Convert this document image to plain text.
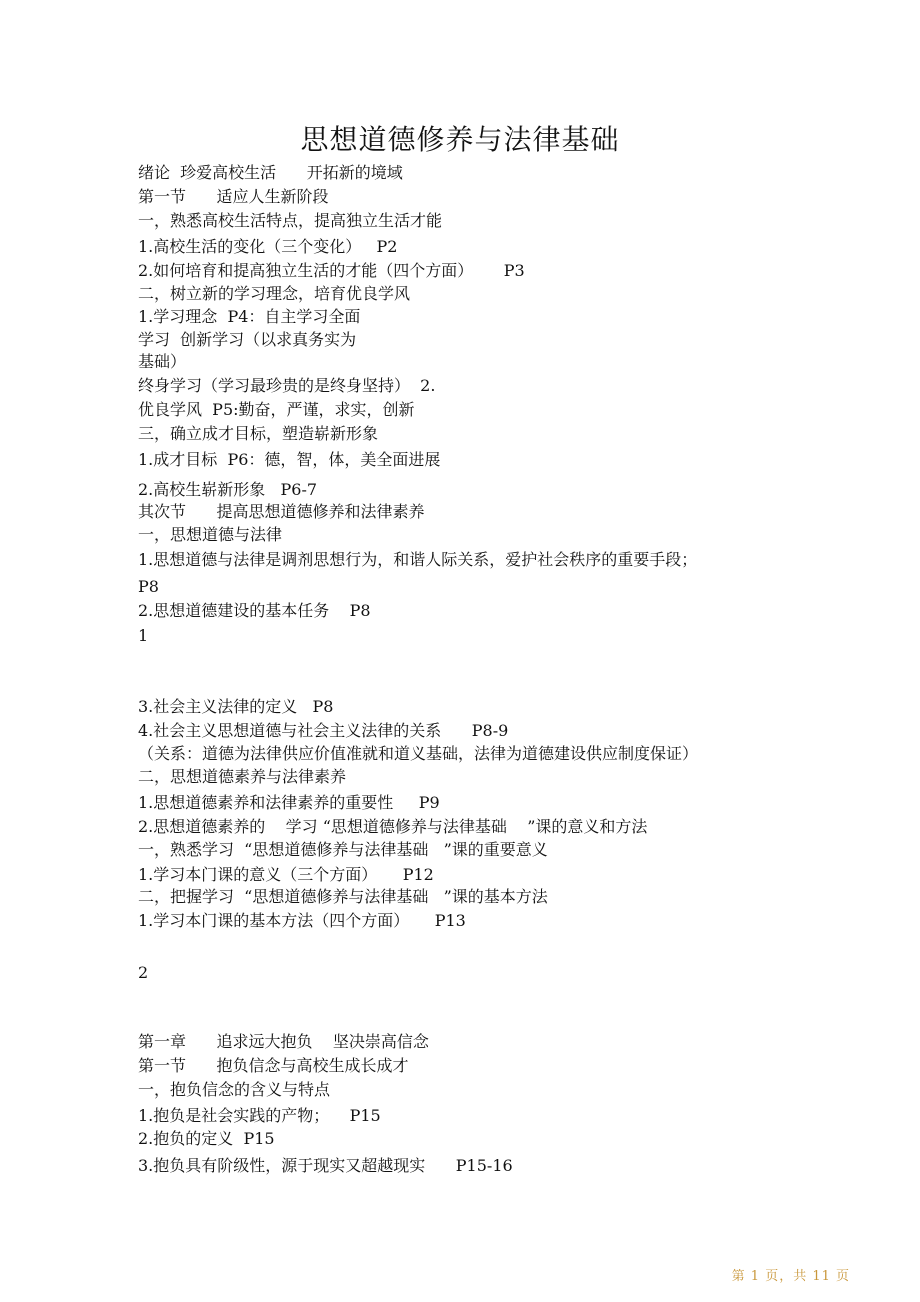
思想道德修养与法律基础
绪论  珍爱高校生活      开拓新的境域
第一节      适应人生新阶段
一，熟悉高校生活特点，提高独立生活才能
1.高校生活的变化（三个变化）   P2
2.如何培育和提高独立生活的才能（四个方面）      P3
二，树立新的学习理念，培育优良学风
1.学习理念  P4：自主学习全面
学习  创新学习（以求真务实为
基础）
终身学习（学习最珍贵的是终身坚持）  2.
优良学风  P5:勤奋，严谨，求实，创新
三，确立成才目标，塑造崭新形象
1.成才目标  P6：德，智，体，美全面进展
2.高校生崭新形象   P6-7
其次节      提高思想道德修养和法律素养
一，思想道德与法律
1.思想道德与法律是调剂思想行为，和谐人际关系，爱护社会秩序的重要手段；
P8
2.思想道德建设的基本任务    P8
1
3.社会主义法律的定义   P8
4.社会主义思想道德与社会主义法律的关系      P8-9
（关系：道德为法律供应价值准就和道义基础，法律为道德建设供应制度保证）
二，思想道德素养与法律素养
1.思想道德素养和法律素养的重要性     P9
2.思想道德素养的    学习 “思想道德修养与法律基础    ”课的意义和方法
一，熟悉学习  “思想道德修养与法律基础   ”课的重要意义
1.学习本门课的意义（三个方面）     P12
二，把握学习  “思想道德修养与法律基础   ”课的基本方法
1.学习本门课的基本方法（四个方面）     P13
2
第一章      追求远大抱负    坚决崇高信念
第一节      抱负信念与高校生成长成才
一，抱负信念的含义与特点
1.抱负是社会实践的产物；    P15
2.抱负的定义  P15
3.抱负具有阶级性，源于现实又超越现实      P15-16
第 1 页，共 11 页
